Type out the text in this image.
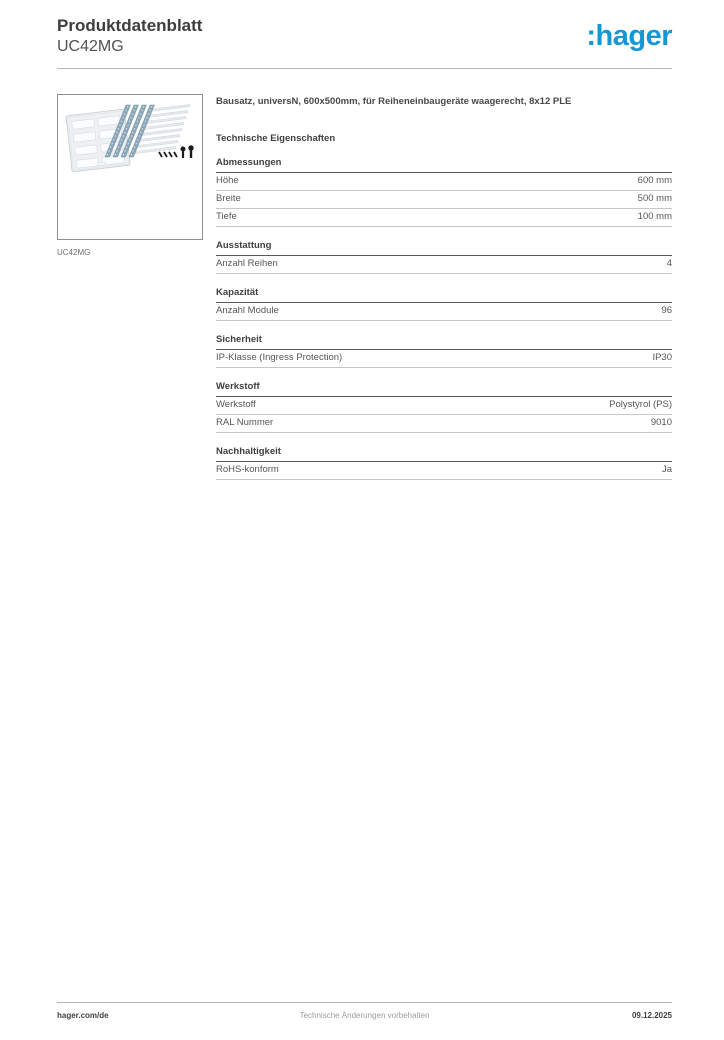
Produktdatenblatt
UC42MG	:hager
UC42MG
Bausatz, universN, 600x500mm, für Reiheneinbaugeräte waagerecht, 8x12 PLE
Technische Eigenschaften
Abmessungen
Höhe	600 mm
Breite	500 mm
Tiefe	100 mm
Ausstattung
Anzahl Reihen	4
Kapazität
Anzahl Module	96
Sicherheit
IP-Klasse (Ingress Protection)	IP30
Werkstoff
Werkstoff	Polystyrol (PS)
RAL Nummer	9010
Nachhaltigkeit
RoHS-konform	Ja
hager.com/de	Technische Änderungen vorbehalten	09.12.2025
